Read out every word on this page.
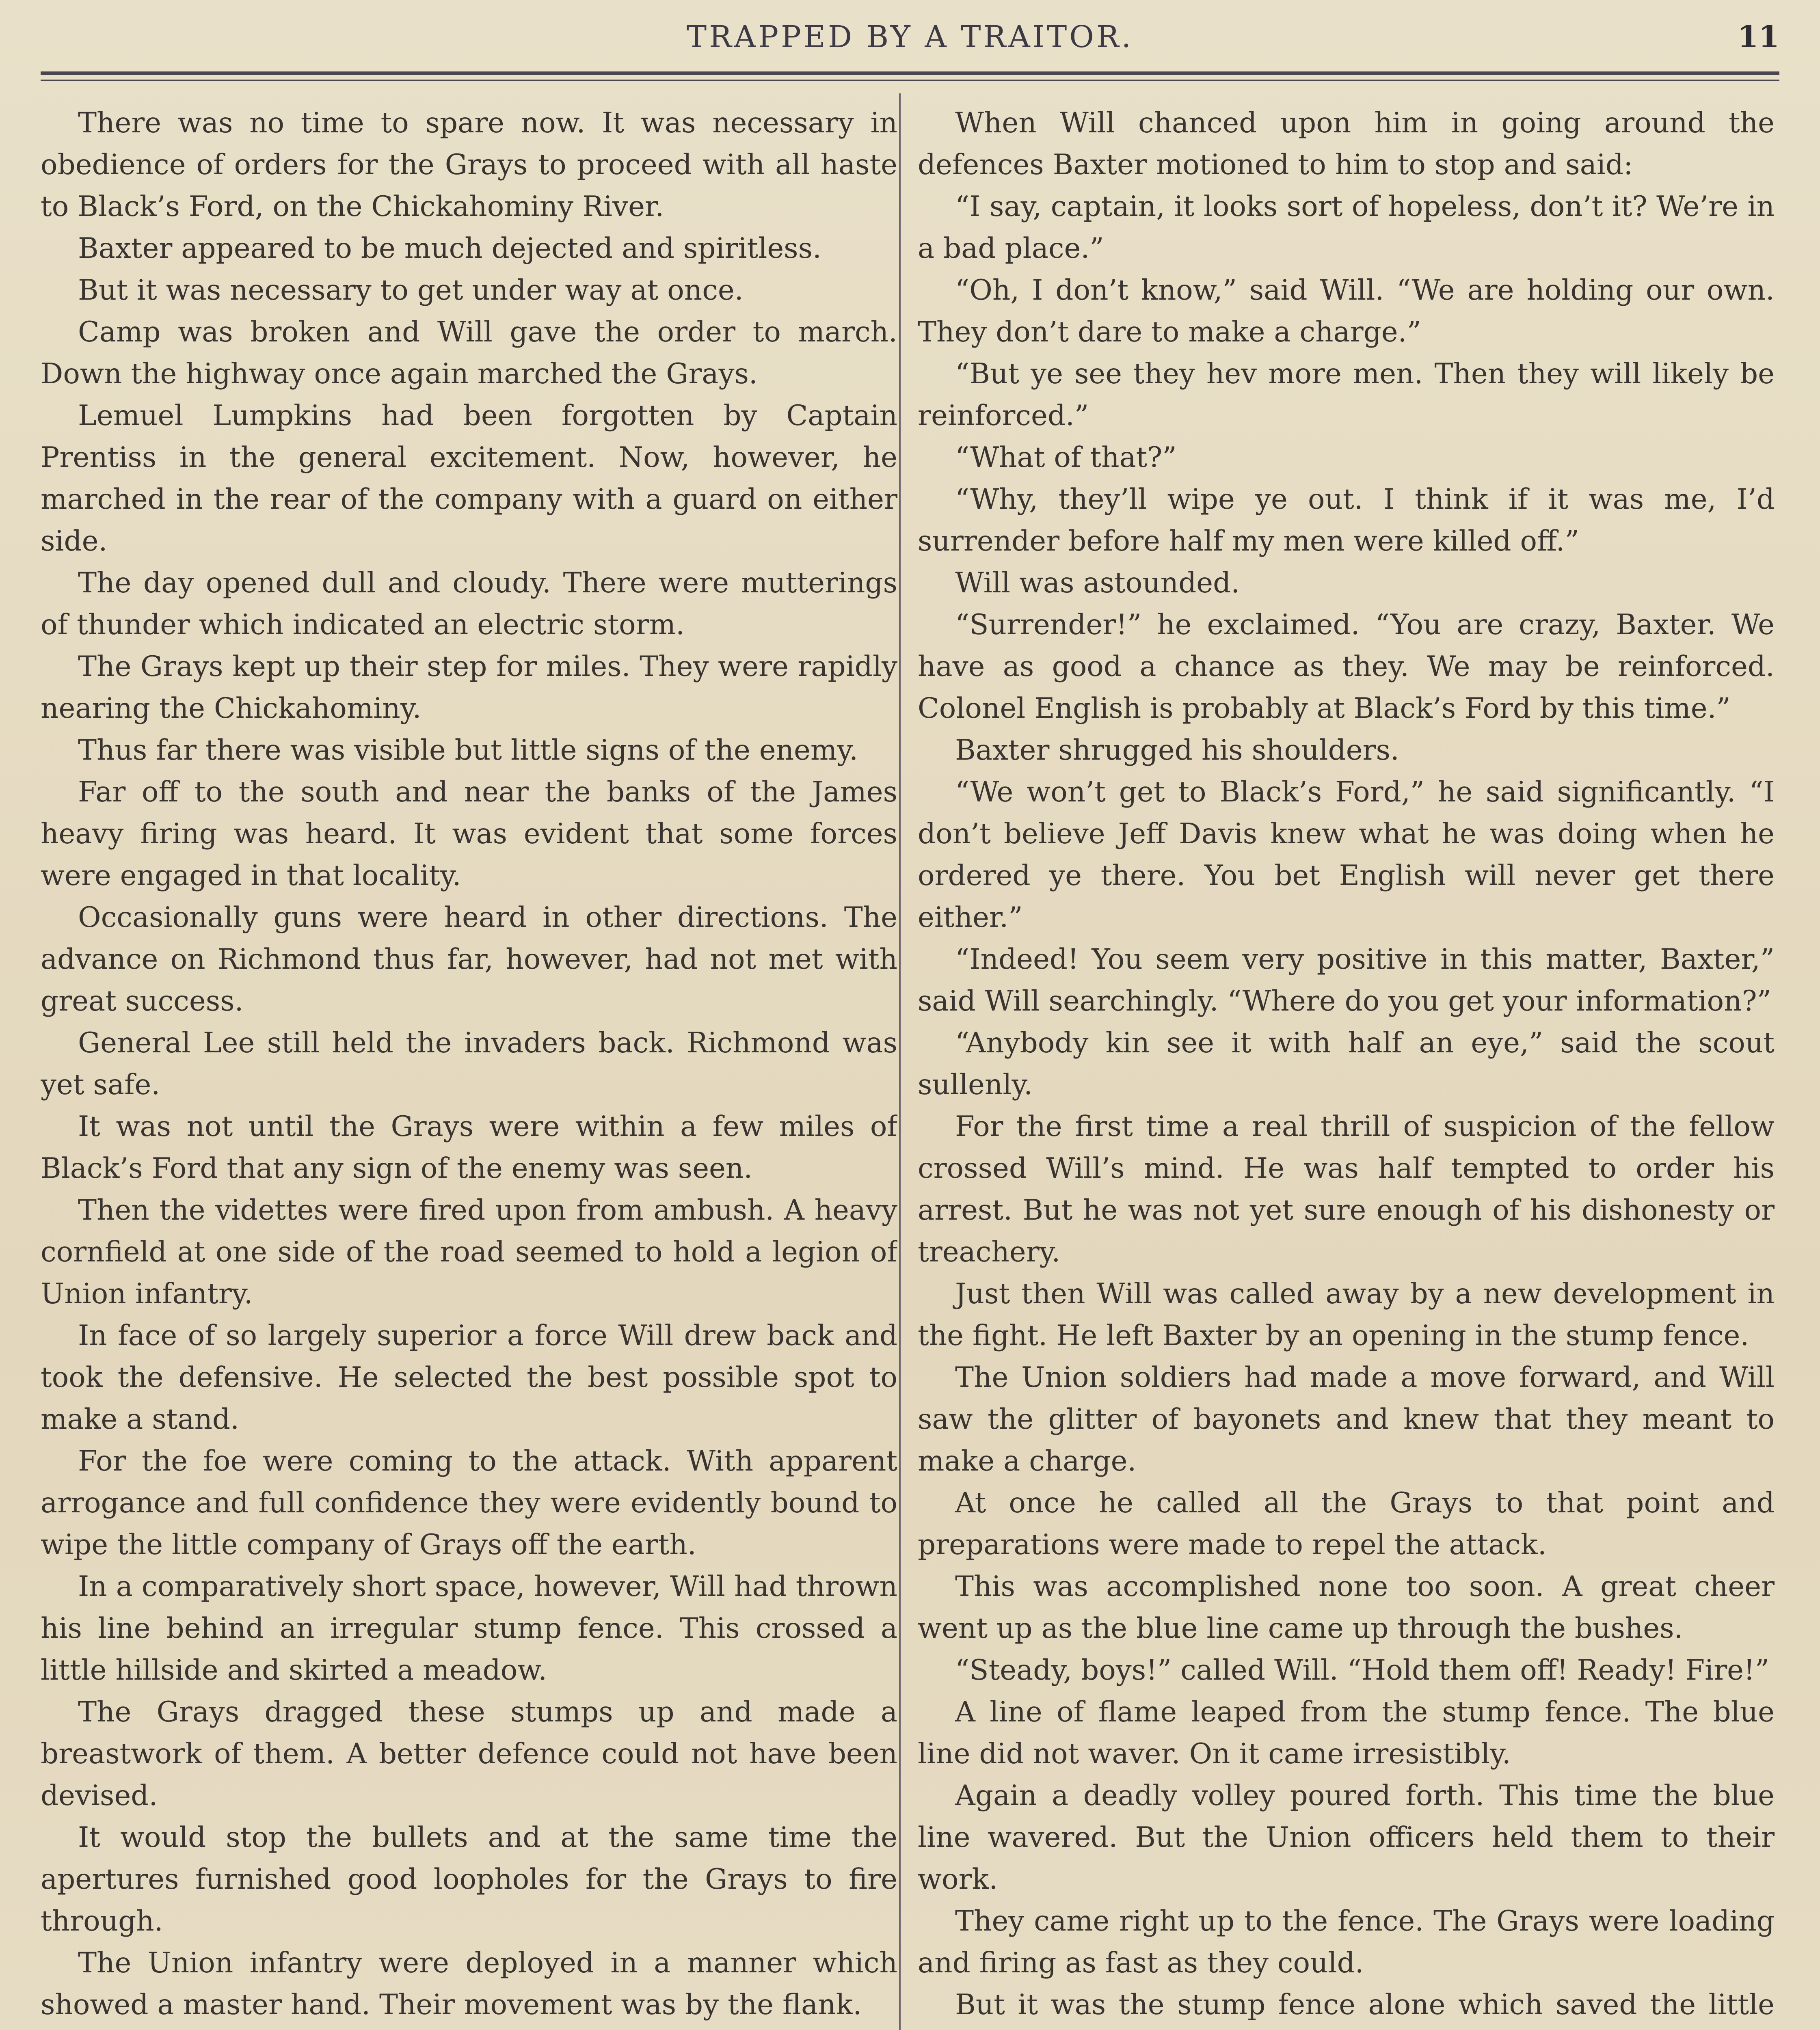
TRAPPED BY A TRAITOR.	11

There was no time to spare now. It was necessary in obedience of orders for the Grays to proceed with all haste to Black’s Ford, on the Chickahominy River.

Baxter appeared to be much dejected and spiritless.

But it was necessary to get under way at once.

Camp was broken and Will gave the order to march. Down the highway once again marched the Grays.

Lemuel Lumpkins had been forgotten by Captain Prentiss in the general excitement. Now, however, he marched in the rear of the company with a guard on either side.

The day opened dull and cloudy. There were mutterings of thunder which indicated an electric storm.

The Grays kept up their step for miles. They were rapidly nearing the Chickahominy.

Thus far there was visible but little signs of the enemy.

Far off to the south and near the banks of the James heavy firing was heard. It was evident that some forces were engaged in that locality.

Occasionally guns were heard in other directions. The advance on Richmond thus far, however, had not met with great success.

General Lee still held the invaders back. Richmond was yet safe.

It was not until the Grays were within a few miles of Black’s Ford that any sign of the enemy was seen.

Then the videttes were fired upon from ambush. A heavy cornfield at one side of the road seemed to hold a legion of Union infantry.

In face of so largely superior a force Will drew back and took the defensive. He selected the best possible spot to make a stand.

For the foe were coming to the attack. With apparent arrogance and full confidence they were evidently bound to wipe the little company of Grays off the earth.

In a comparatively short space, however, Will had thrown his line behind an irregular stump fence. This crossed a little hillside and skirted a meadow.

The Grays dragged these stumps up and made a breastwork of them. A better defence could not have been devised.

It would stop the bullets and at the same time the apertures furnished good loopholes for the Grays to fire through.

The Union infantry were deployed in a manner which showed a master hand. Their movement was by the flank.

When Will chanced upon him in going around the defences Baxter motioned to him to stop and said:

“I say, captain, it looks sort of hopeless, don’t it? We’re in a bad place.”

“Oh, I don’t know,” said Will. “We are holding our own. They don’t dare to make a charge.”

“But ye see they hev more men. Then they will likely be reinforced.”

“What of that?”

“Why, they’ll wipe ye out. I think if it was me, I’d surrender before half my men were killed off.”

Will was astounded.

“Surrender!” he exclaimed. “You are crazy, Baxter. We have as good a chance as they. We may be reinforced. Colonel English is probably at Black’s Ford by this time.”

Baxter shrugged his shoulders.

“We won’t get to Black’s Ford,” he said significantly. “I don’t believe Jeff Davis knew what he was doing when he ordered ye there. You bet English will never get there either.”

“Indeed! You seem very positive in this matter, Baxter,” said Will searchingly. “Where do you get your information?”

“Anybody kin see it with half an eye,” said the scout sullenly.

For the first time a real thrill of suspicion of the fellow crossed Will’s mind. He was half tempted to order his arrest. But he was not yet sure enough of his dishonesty or treachery.

Just then Will was called away by a new development in the fight. He left Baxter by an opening in the stump fence.

The Union soldiers had made a move forward, and Will saw the glitter of bayonets and knew that they meant to make a charge.

At once he called all the Grays to that point and preparations were made to repel the attack.

This was accomplished none too soon. A great cheer went up as the blue line came up through the bushes.

“Steady, boys!” called Will. “Hold them off! Ready! Fire!”

A line of flame leaped from the stump fence. The blue line did not waver. On it came irresistibly.

Again a deadly volley poured forth. This time the blue line wavered. But the Union officers held them to their work.

They came right up to the fence. The Grays were loading and firing as fast as they could.

But it was the stump fence alone which saved the little
